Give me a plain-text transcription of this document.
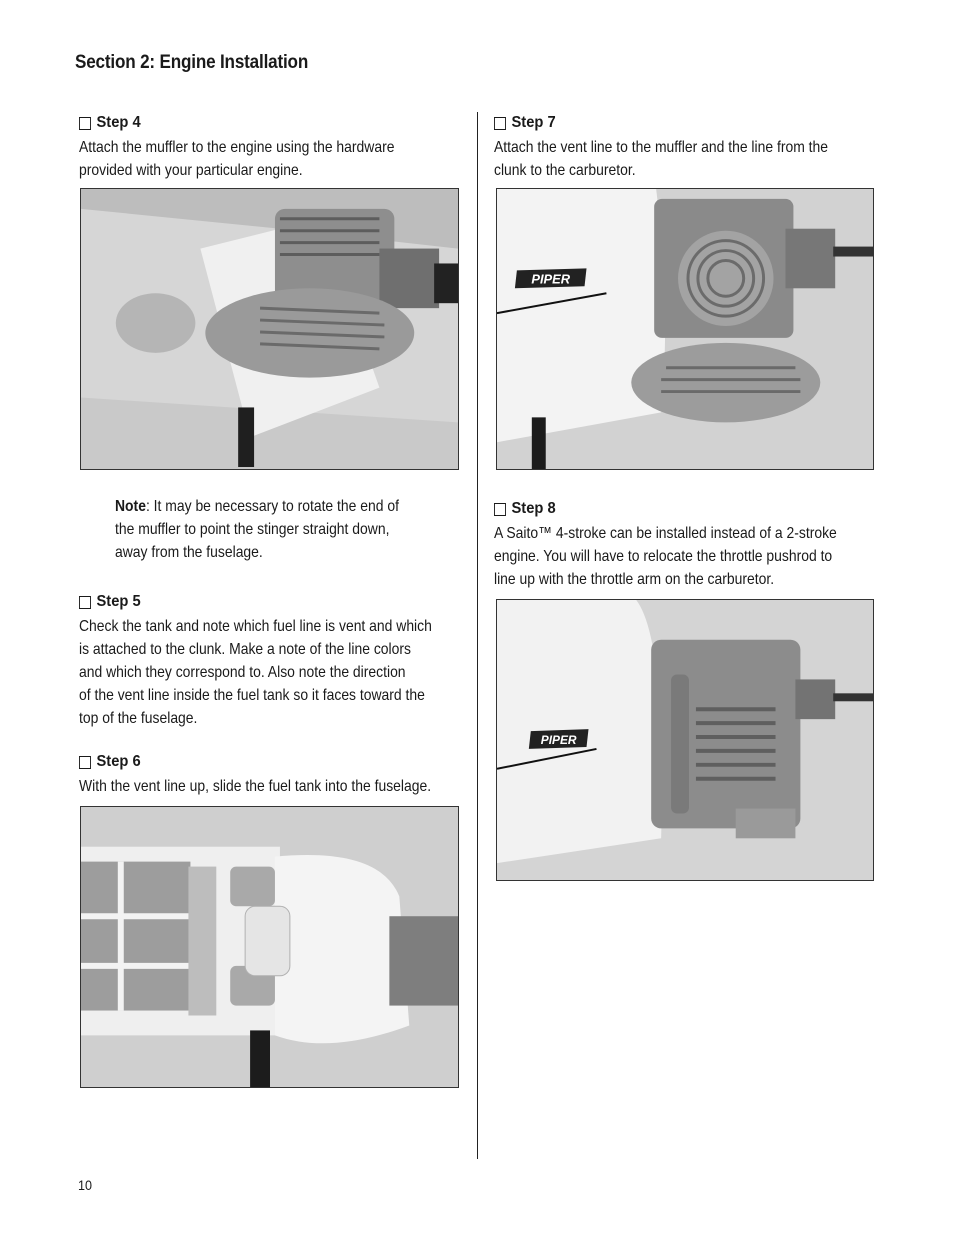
Section 2: Engine Installation
Step 4
Attach the muffler to the engine using the hardware
provided with your particular engine.
Note: It may be necessary to rotate the end of
the muffler to point the stinger straight down,
away from the fuselage.
Step 5
Check the tank and note which fuel line is vent and which
is attached to the clunk. Make a note of the line colors
and which they correspond to. Also note the direction
of the vent line inside the fuel tank so it faces toward the
top of the fuselage.
Step 6
With the vent line up, slide the fuel tank into the fuselage.
Step 7
Attach the vent line to the muffler and the line from the
clunk to the carburetor.
PIPER
Step 8
A Saito™ 4-stroke can be installed instead of a 2-stroke
engine. You will have to relocate the throttle pushrod to
line up with the throttle arm on the carburetor.
PIPER
10
